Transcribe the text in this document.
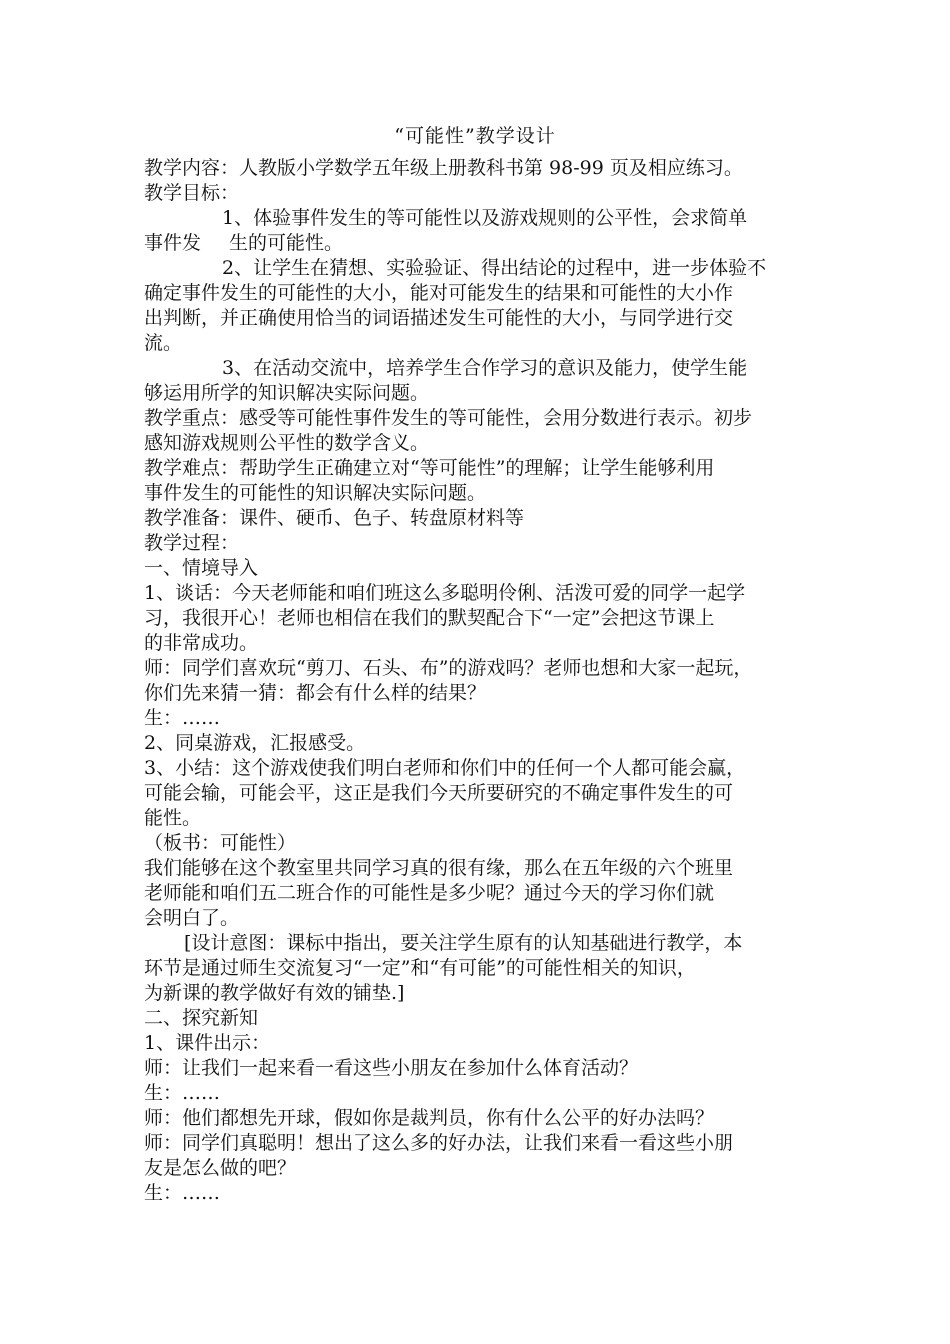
“可能性”教学设计

教学内容：人教版小学数学五年级上册教科书第 98-99 页及相应练习。

教学目标：

1、体验事件发生的等可能性以及游戏规则的公平性，会求简单

事件发 生的可能性。

2、让学生在猜想、实验验证、得出结论的过程中，进一步体验不

确定事件发生的可能性的大小，能对可能发生的结果和可能性的大小作

出判断，并正确使用恰当的词语描述发生可能性的大小，与同学进行交

流。

3、在活动交流中，培养学生合作学习的意识及能力，使学生能

够运用所学的知识解决实际问题。

教学重点：感受等可能性事件发生的等可能性，会用分数进行表示。初步

感知游戏规则公平性的数学含义。

教学难点：帮助学生正确建立对“等可能性”的理解；让学生能够利用

事件发生的可能性的知识解决实际问题。

教学准备：课件、硬币、色子、转盘原材料等

教学过程：

一、情境导入

1、谈话：今天老师能和咱们班这么多聪明伶俐、活泼可爱的同学一起学

习，我很开心！老师也相信在我们的默契配合下“一定”会把这节课上

的非常成功。

师：同学们喜欢玩“剪刀、石头、布”的游戏吗？老师也想和大家一起玩，

你们先来猜一猜：都会有什么样的结果？

生：……

2、同桌游戏，汇报感受。

3、小结：这个游戏使我们明白老师和你们中的任何一个人都可能会赢，

可能会输，可能会平，这正是我们今天所要研究的不确定事件发生的可

能性。

（板书：可能性）

我们能够在这个教室里共同学习真的很有缘，那么在五年级的六个班里

老师能和咱们五二班合作的可能性是多少呢？通过今天的学习你们就

会明白了。

[设计意图：课标中指出，要关注学生原有的认知基础进行教学，本

环节是通过师生交流复习“一定”和“有可能”的可能性相关的知识，

为新课的教学做好有效的铺垫.]

二、探究新知

1、课件出示：

师：让我们一起来看一看这些小朋友在参加什么体育活动？

生：……

师：他们都想先开球，假如你是裁判员，你有什么公平的好办法吗？

师：同学们真聪明！想出了这么多的好办法，让我们来看一看这些小朋

友是怎么做的吧？

生：……
